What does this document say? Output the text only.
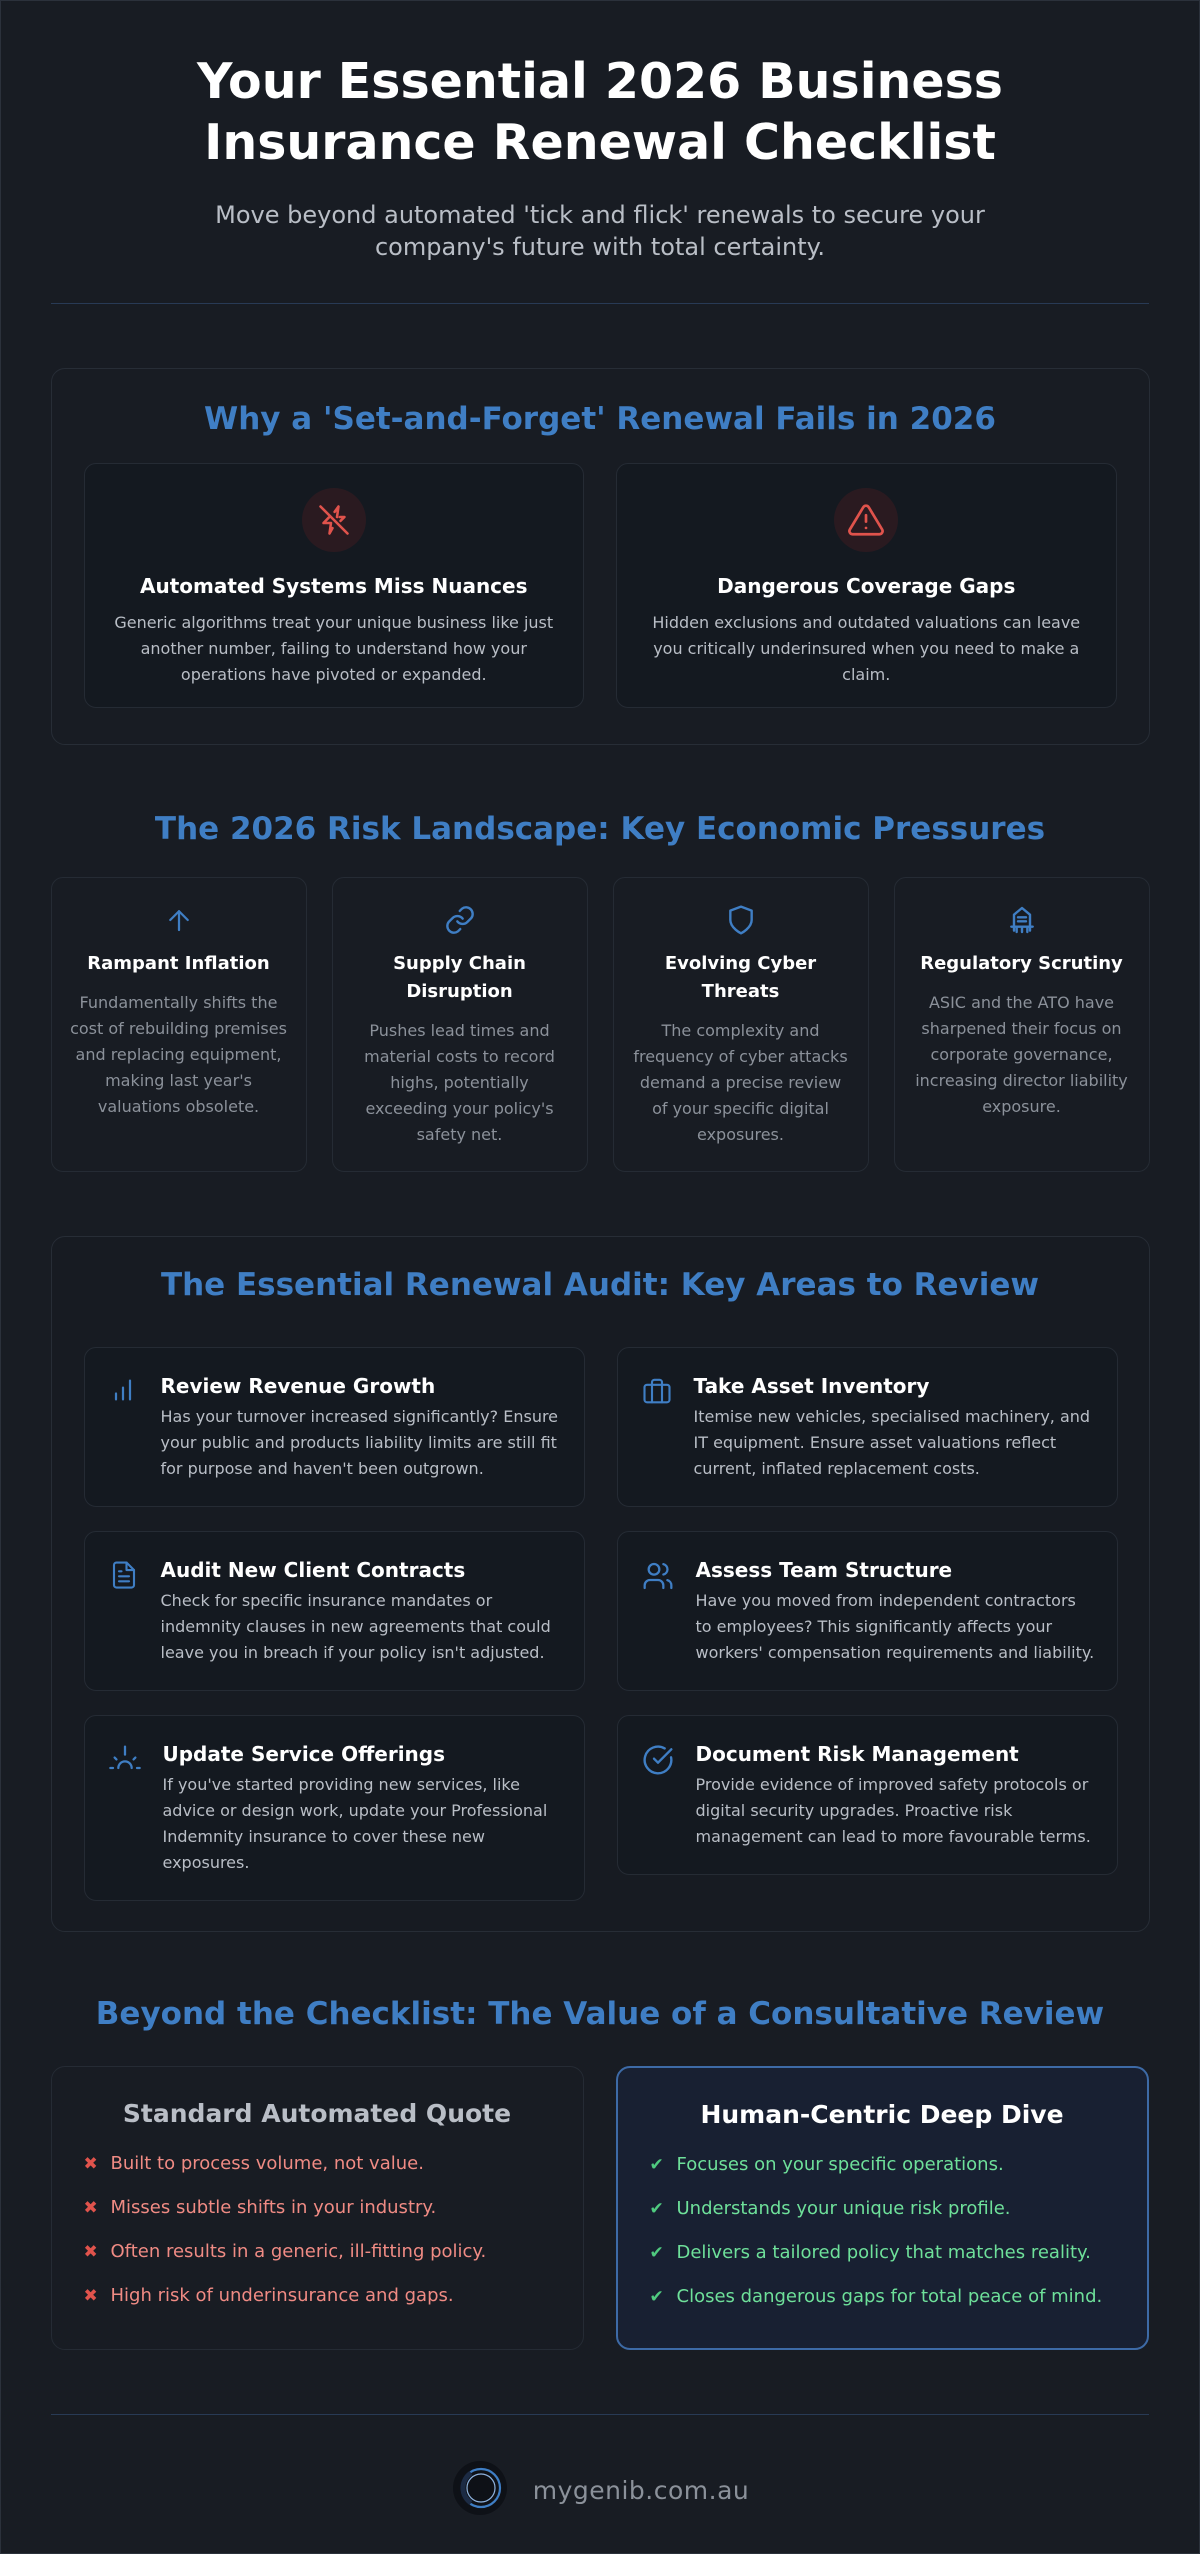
Your Essential 2026 Business Insurance Renewal Checklist

Move beyond automated 'tick and flick' renewals to secure your company's future with total certainty.

Why a 'Set-and-Forget' Renewal Fails in 2026
Automated Systems Miss Nuances

Generic algorithms treat your unique business like just another number, failing to understand how your operations have pivoted or expanded.

Dangerous Coverage Gaps

Hidden exclusions and outdated valuations can leave you critically underinsured when you need to make a claim.

The 2026 Risk Landscape: Key Economic Pressures
Rampant Inflation

Fundamentally shifts the cost of rebuilding premises and replacing equipment, making last year's valuations obsolete.

Supply Chain Disruption

Pushes lead times and material costs to record highs, potentially exceeding your policy's safety net.

Evolving Cyber Threats

The complexity and frequency of cyber attacks demand a precise review of your specific digital exposures.

Regulatory Scrutiny

ASIC and the ATO have sharpened their focus on corporate governance, increasing director liability exposure.

The Essential Renewal Audit: Key Areas to Review
Review Revenue Growth

Has your turnover increased significantly? Ensure your public and products liability limits are still fit for purpose and haven't been outgrown.

Take Asset Inventory

Itemise new vehicles, specialised machinery, and IT equipment. Ensure asset valuations reflect current, inflated replacement costs.

Audit New Client Contracts

Check for specific insurance mandates or indemnity clauses in new agreements that could leave you in breach if your policy isn't adjusted.

Assess Team Structure

Have you moved from independent contractors to employees? This significantly affects your workers' compensation requirements and liability.

Update Service Offerings

If you've started providing new services, like advice or design work, update your Professional Indemnity insurance to cover these new exposures.

Document Risk Management

Provide evidence of improved safety protocols or digital security upgrades. Proactive risk management can lead to more favourable terms.

Beyond the Checklist: The Value of a Consultative Review
Standard Automated Quote
✖ Built to process volume, not value.
✖ Misses subtle shifts in your industry.
✖ Often results in a generic, ill-fitting policy.
✖ High risk of underinsurance and gaps.
Human-Centric Deep Dive
✔ Focuses on your specific operations.
✔ Understands your unique risk profile.
✔ Delivers a tailored policy that matches reality.
✔ Closes dangerous gaps for total peace of mind.
mygenib.com.au
